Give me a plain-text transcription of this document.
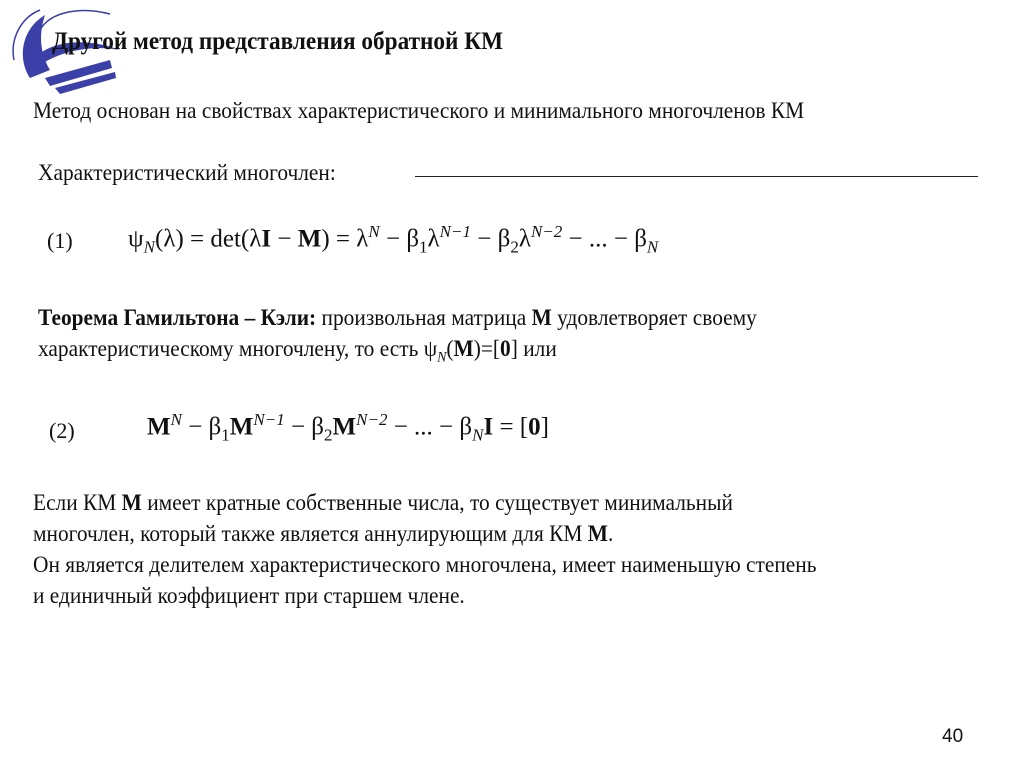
Другой метод представления обратной КМ
Метод основан на свойствах характеристического и минимального многочленов КМ
Характеристический многочлен:
(1) $\psi_N(\lambda) = \det(\lambda I - M) = \lambda^N - \beta_1\lambda^{N-1} - \beta_2\lambda^{N-2}$ − ... − $\beta_N$
Теорема Гамильтона – Кэли: произвольная матрица M удовлетворяет своему
характеристическому многочлену, то есть $\psi_N(M)=[0]$ или
(2)	$M^N - \beta_1M^{N-1} - \beta_2M^{N-2}$ − ... − $\beta_NI = [0]$
Если КМ M имеет кратные собственные числа, то существует минимальный
многочлен, который также является аннулирующим для КМ M.
Он является делителем характеристического многочлена, имеет наименьшую степень
и единичный коэффициент при старшем члене.
40
